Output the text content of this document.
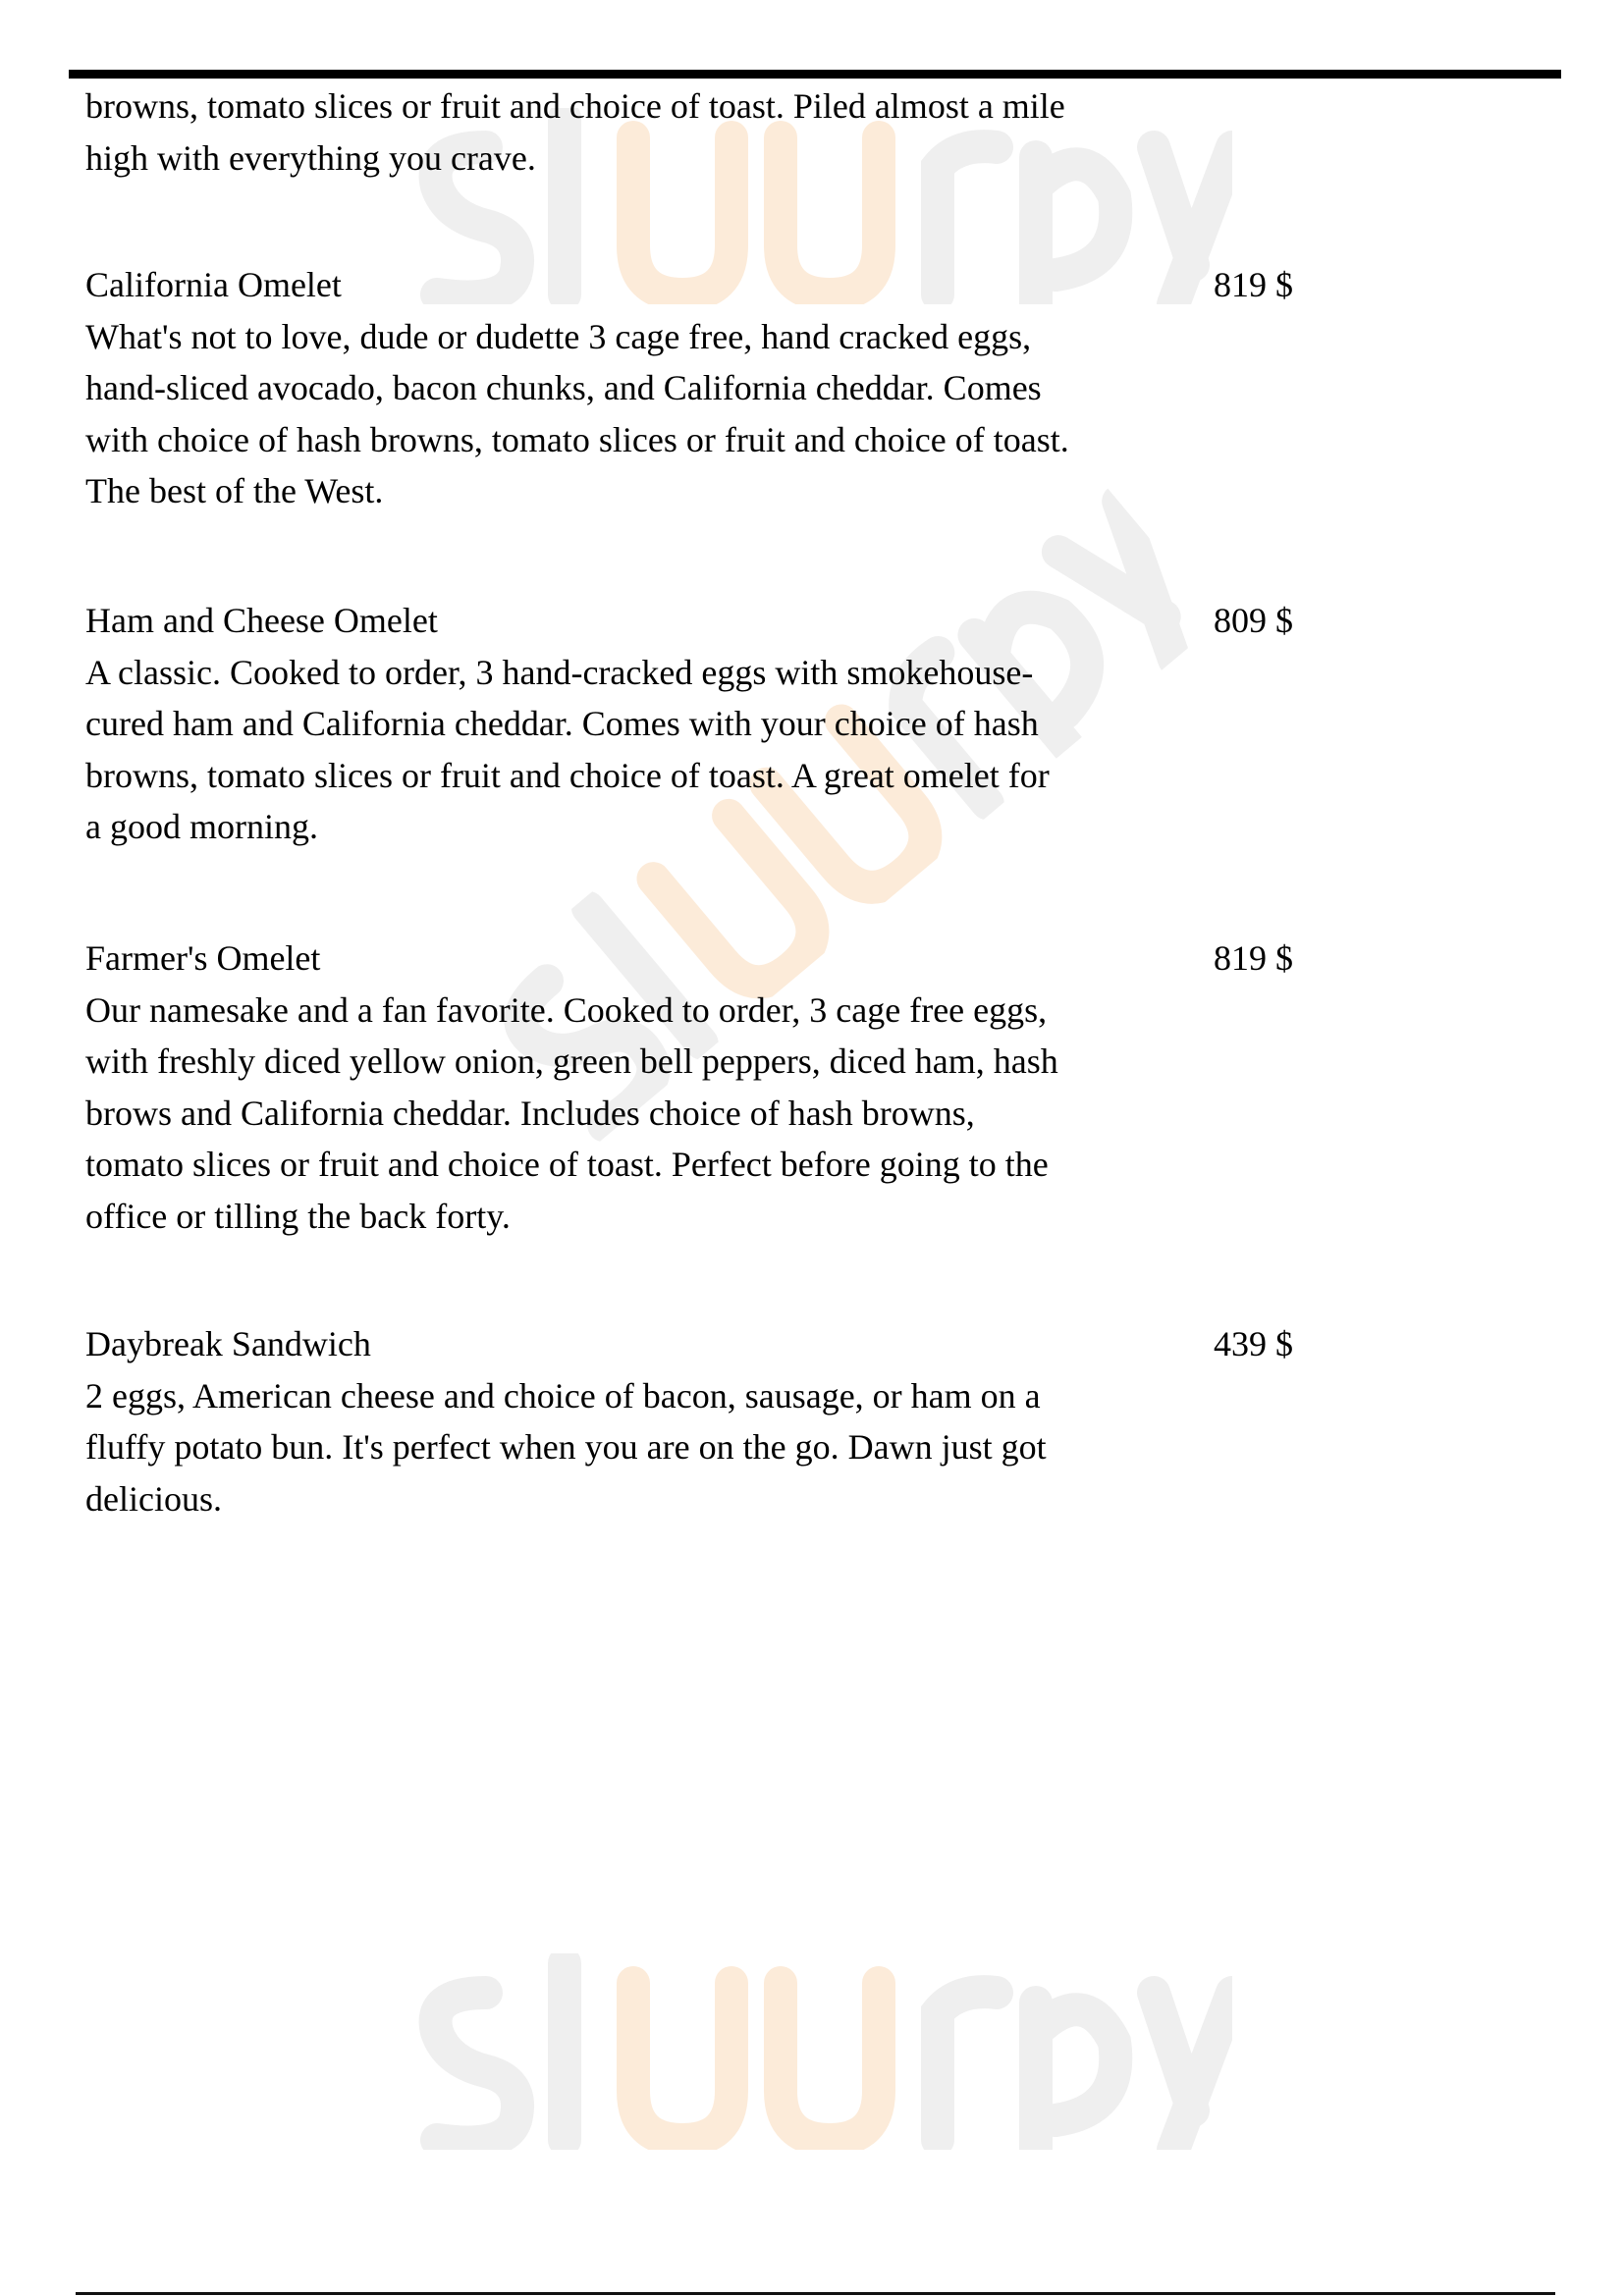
browns, tomato slices or fruit and choice of toast. Piled almost a mile
high with everything you crave.
California Omelet	819 $
What's not to love, dude or dudette 3 cage free, hand cracked eggs,
hand-sliced avocado, bacon chunks, and California cheddar. Comes
with choice of hash browns, tomato slices or fruit and choice of toast.
The best of the West.
Ham and Cheese Omelet	809 $
A classic. Cooked to order, 3 hand-cracked eggs with smokehouse-
cured ham and California cheddar. Comes with your choice of hash
browns, tomato slices or fruit and choice of toast. A great omelet for
a good morning.
Farmer's Omelet	819 $
Our namesake and a fan favorite. Cooked to order, 3 cage free eggs,
with freshly diced yellow onion, green bell peppers, diced ham, hash
brows and California cheddar. Includes choice of hash browns,
tomato slices or fruit and choice of toast. Perfect before going to the
office or tilling the back forty.
Daybreak Sandwich	439 $
2 eggs, American cheese and choice of bacon, sausage, or ham on a
fluffy potato bun. It's perfect when you are on the go. Dawn just got
delicious.
